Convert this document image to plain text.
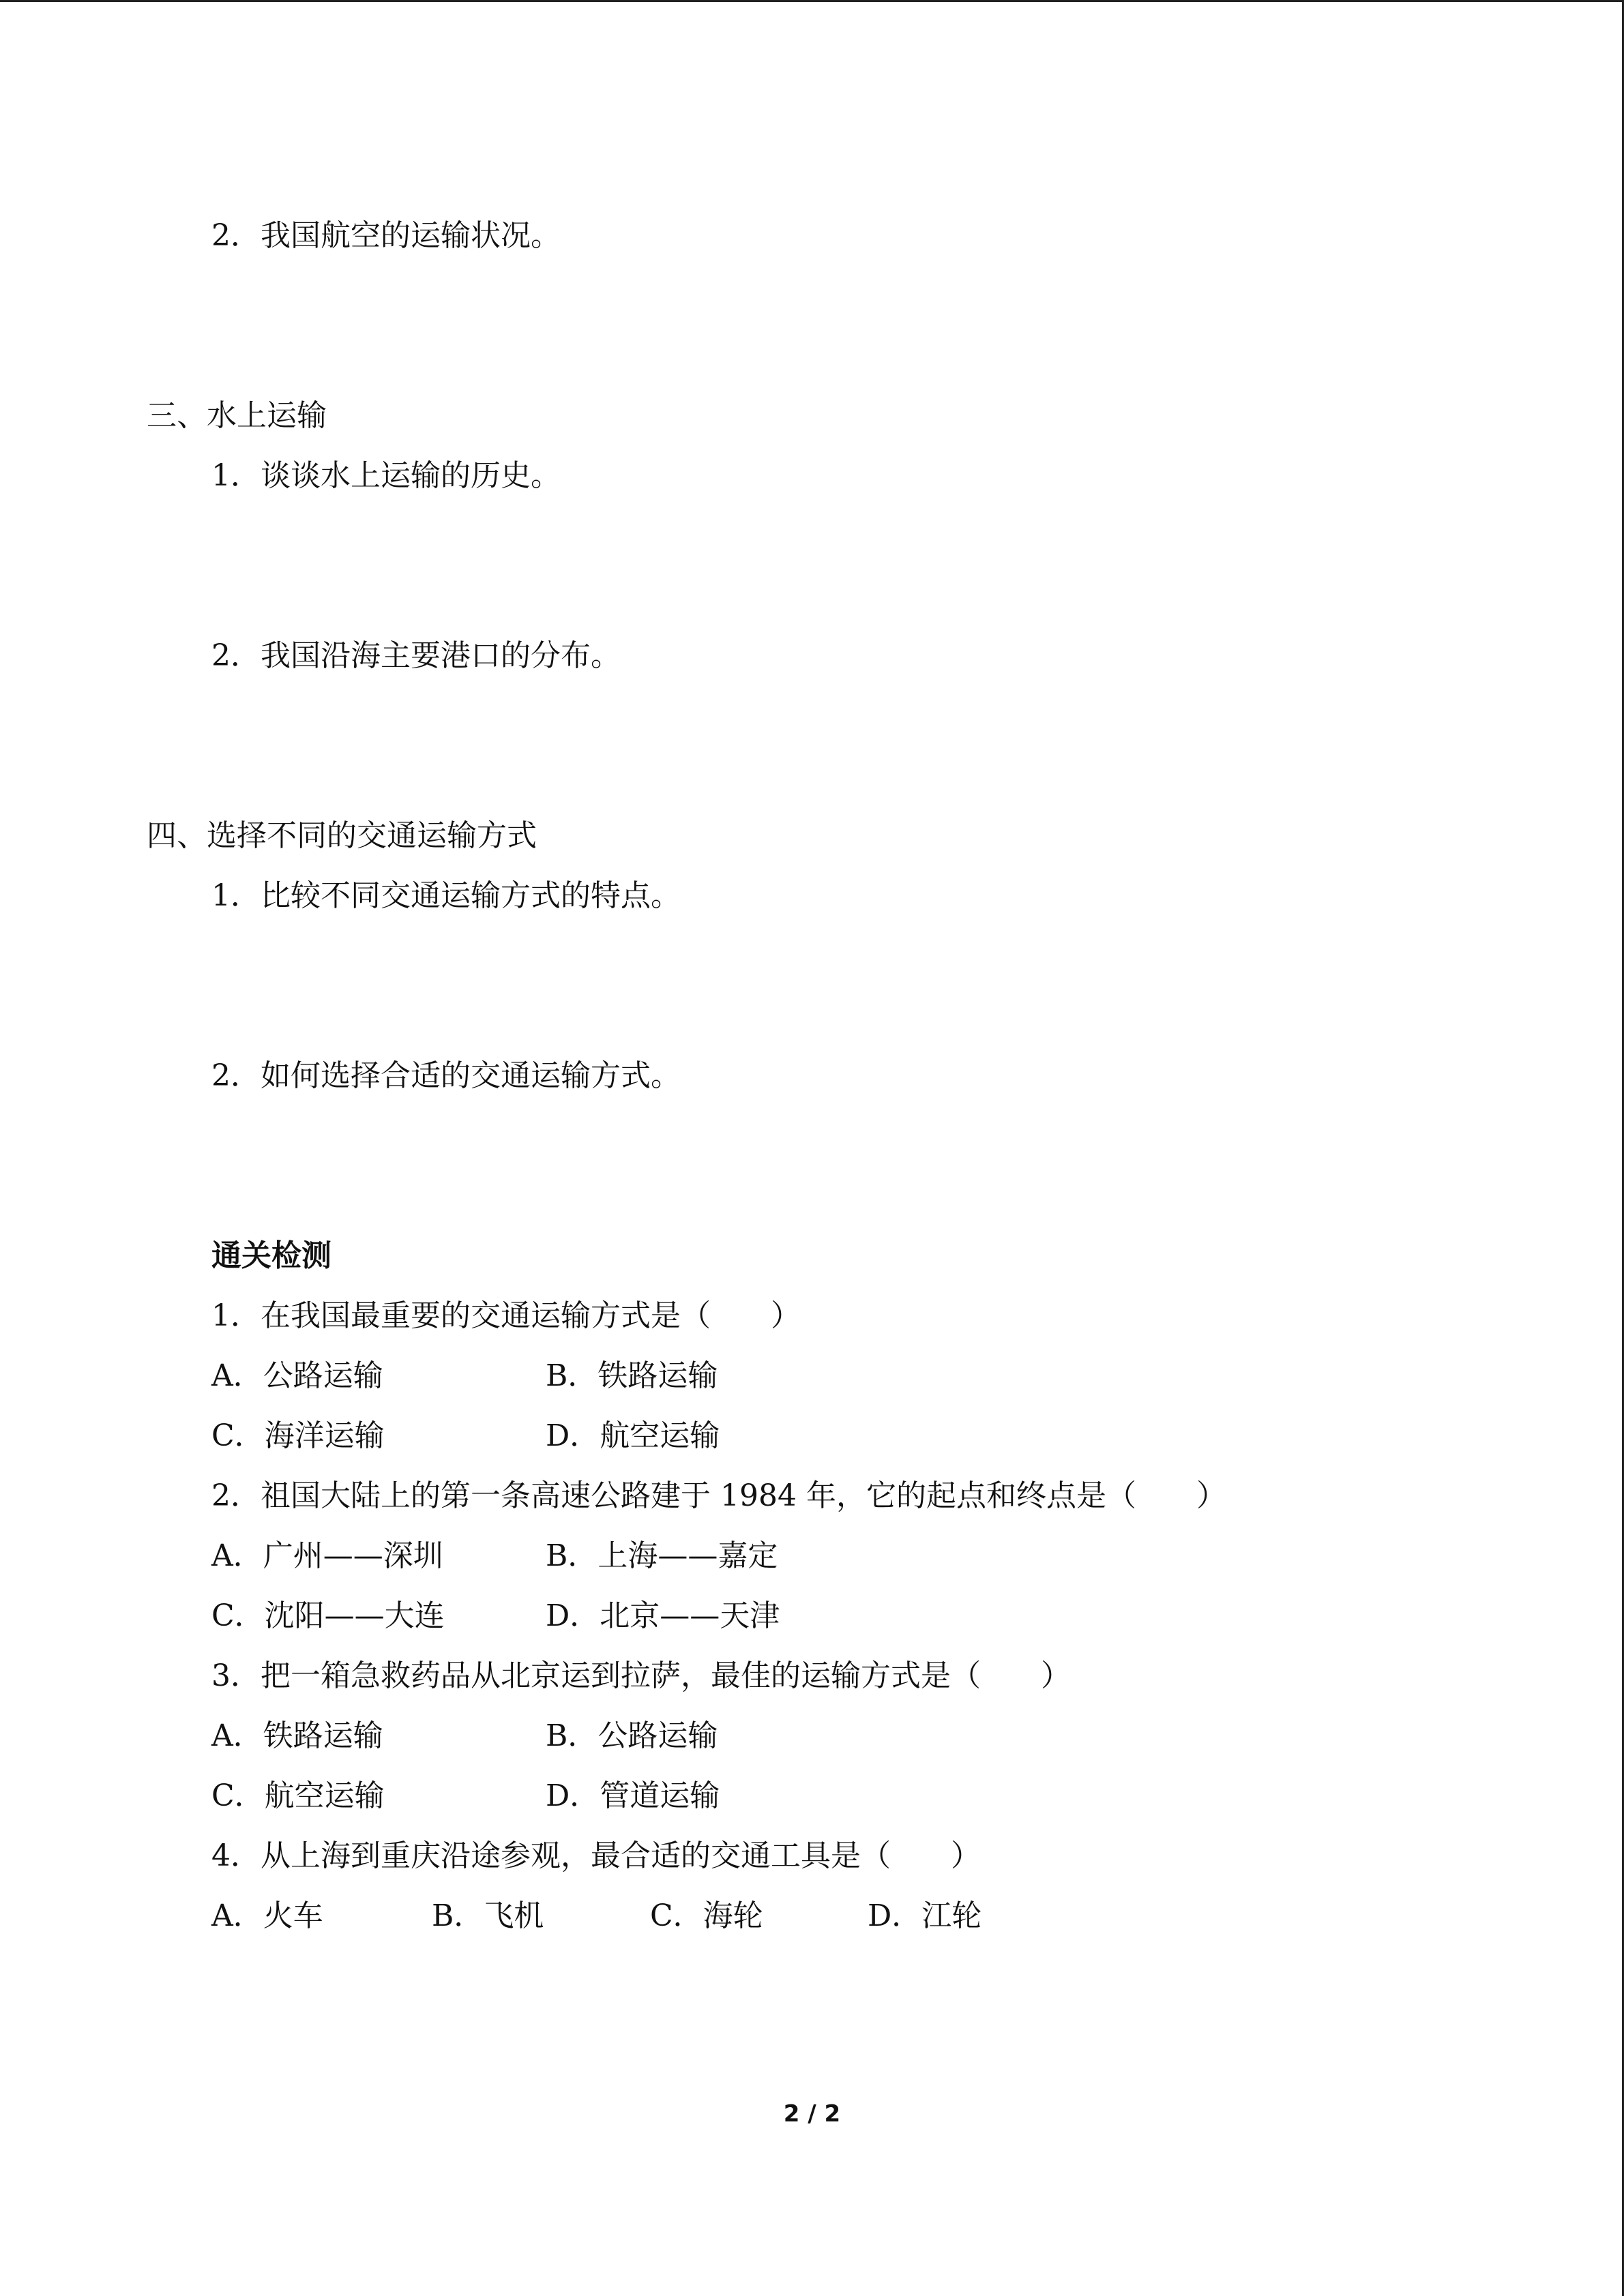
2．我国航空的运输状况。
三、水上运输
1．谈谈水上运输的历史。
2．我国沿海主要港口的分布。
四、选择不同的交通运输方式
1．比较不同交通运输方式的特点。
2．如何选择合适的交通运输方式。
通关检测
1．在我国最重要的交通运输方式是（　　）
A．公路运输	B．铁路运输
C．海洋运输	D．航空运输
2．祖国大陆上的第一条高速公路建于 1984 年，它的起点和终点是（　　）
A．广州——深圳	B．上海——嘉定
C．沈阳——大连	D．北京——天津
3．把一箱急救药品从北京运到拉萨，最佳的运输方式是（　　）
A．铁路运输	B．公路运输
C．航空运输	D．管道运输
4．从上海到重庆沿途参观，最合适的交通工具是（　　）
A．火车	B．飞机	C．海轮	D．江轮
2 / 2
